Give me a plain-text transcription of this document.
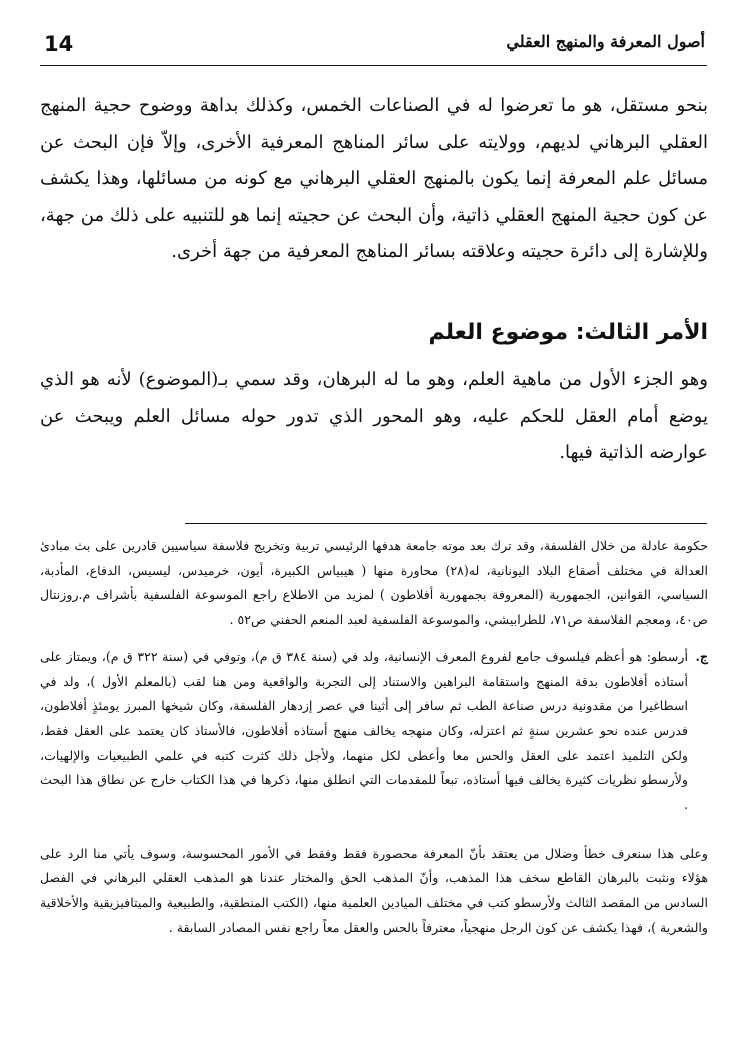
14	أصول المعرفة والمنهج العقلي

بنحو مستقل، هو ما تعرضوا له في الصناعات الخمس، وكذلك بداهة ووضوح حجية المنهج العقلي البرهاني لديهم، وولايته على سائر المناهج المعرفية الأخرى، وإلاّ فإن البحث عن مسائل علم المعرفة إنما يكون بالمنهج العقلي البرهاني مع كونه من مسائلها، وهذا يكشف عن كون حجية المنهج العقلي ذاتية، وأن البحث عن حجيته إنما هو للتنبيه على ذلك من جهة، وللإشارة إلى دائرة حجيته وعلاقته بسائر المناهج المعرفية من جهة أخرى.

الأمر الثالث: موضوع العلم

وهو الجزء الأول من ماهية العلم، وهو ما له البرهان، وقد سمي بـ(الموضوع) لأنه هو الذي يوضع أمام العقل للحكم عليه، وهو المحور الذي تدور حوله مسائل العلم ويبحث عن عوارضه الذاتية فيها.

حكومة عادلة من خلال الفلسفة، وقد ترك بعد موته جامعة هدفها الرئيسي تربية وتخريج فلاسفة سياسيين قادرين على بث مبادئ العدالة في مختلف أصقاع البلاد اليونانية، له(٢٨) محاورة منها ( هيبياس الكبيرة، أيون، خرميدس، ليسيس، الدفاع، المأدبة، السياسي، القوانين، الجمهورية (المعروفة بجمهورية أفلاطون ) لمزيد من الاطلاع راجع الموسوعة الفلسفية بأشراف م.روزنتال ص٤٠، ومعجم الفلاسفة ص٧١، للطرابيشي، والموسوعة الفلسفية لعبد المنعم الحفني ص٥٢ .

ج.
أرسطو: هو أعظم فيلسوف جامع لفروع المعرف الإنسانية، ولد في (سنة ٣٨٤ ق م)، وتوفي في (سنة ٣٢٢ ق م)، ويمتاز على أستاذه أفلاطون بدقة المنهج واستقامة البراهين والاستناد إلى التجربة والواقعية ومن هنا لقب (بالمعلم الأول )، ولد في اسطاغيرا من مقدونية درس صناعة الطب ثم سافر إلى أثينا في عصر إزدهار الفلسفة، وكان شيخها المبرز يومئذٍ أفلاطون، فدرس عنده نحو عشرين سنةٍ ثم اعتزله، وكان منهجه يخالف منهج أستاذه أفلاطون، فالأستاذ كان يعتمد على العقل فقط، ولكن التلميذ اعتمد على العقل والحس معا وأعطى لكل منهما، ولأجل ذلك كثرت كتبه في علمي الطبيعيات والإلهيات، ولأرسطو نظريات كثيرة يخالف فيها أستاذه، تبعاً للمقدمات التي انطلق منها، ذكرها في هذا الكتاب خارج عن نطاق هذا البحث .

وعلى هذا سنعرف خطأ وضلال من يعتقد بأنّ المعرفة محصورة فقط وفقط في الأمور المحسوسة، وسوف يأتي منا الرد على هؤلاء ونثبت بالبرهان القاطع سخف هذا المذهب، وأنّ المذهب الحق والمختار عندنا هو المذهب العقلي البرهاني في الفصل السادس من المقصد الثالث ولأرسطو كتب في مختلف الميادين العلمية منها، (الكتب المنطقية، والطبيعية والميتافيزيقية والأخلاقية والشعرية )، فهذا يكشف عن كون الرجل منهجياً، معترفاً بالحس والعقل معاً راجع نفس المصادر السابقة .
